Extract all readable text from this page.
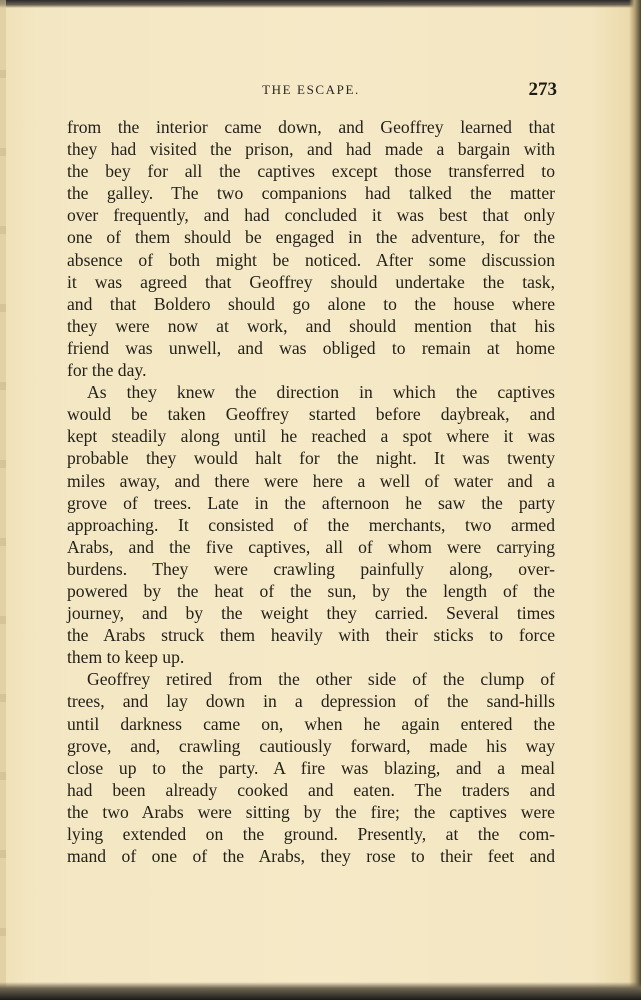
THE ESCAPE.	273
from the interior came down, and Geoffrey learned that
they had visited the prison, and had made a bargain with
the bey for all the captives except those transferred to
the galley. The two companions had talked the matter
over frequently, and had concluded it was best that only
one of them should be engaged in the adventure, for the
absence of both might be noticed. After some discussion
it was agreed that Geoffrey should undertake the task,
and that Boldero should go alone to the house where
they were now at work, and should mention that his
friend was unwell, and was obliged to remain at home
for the day.
As they knew the direction in which the captives
would be taken Geoffrey started before daybreak, and
kept steadily along until he reached a spot where it was
probable they would halt for the night. It was twenty
miles away, and there were here a well of water and a
grove of trees. Late in the afternoon he saw the party
approaching. It consisted of the merchants, two armed
Arabs, and the five captives, all of whom were carrying
burdens. They were crawling painfully along, over-
powered by the heat of the sun, by the length of the
journey, and by the weight they carried. Several times
the Arabs struck them heavily with their sticks to force
them to keep up.
Geoffrey retired from the other side of the clump of
trees, and lay down in a depression of the sand-hills
until darkness came on, when he again entered the
grove, and, crawling cautiously forward, made his way
close up to the party. A fire was blazing, and a meal
had been already cooked and eaten. The traders and
the two Arabs were sitting by the fire; the captives were
lying extended on the ground. Presently, at the com-
mand of one of the Arabs, they rose to their feet and
